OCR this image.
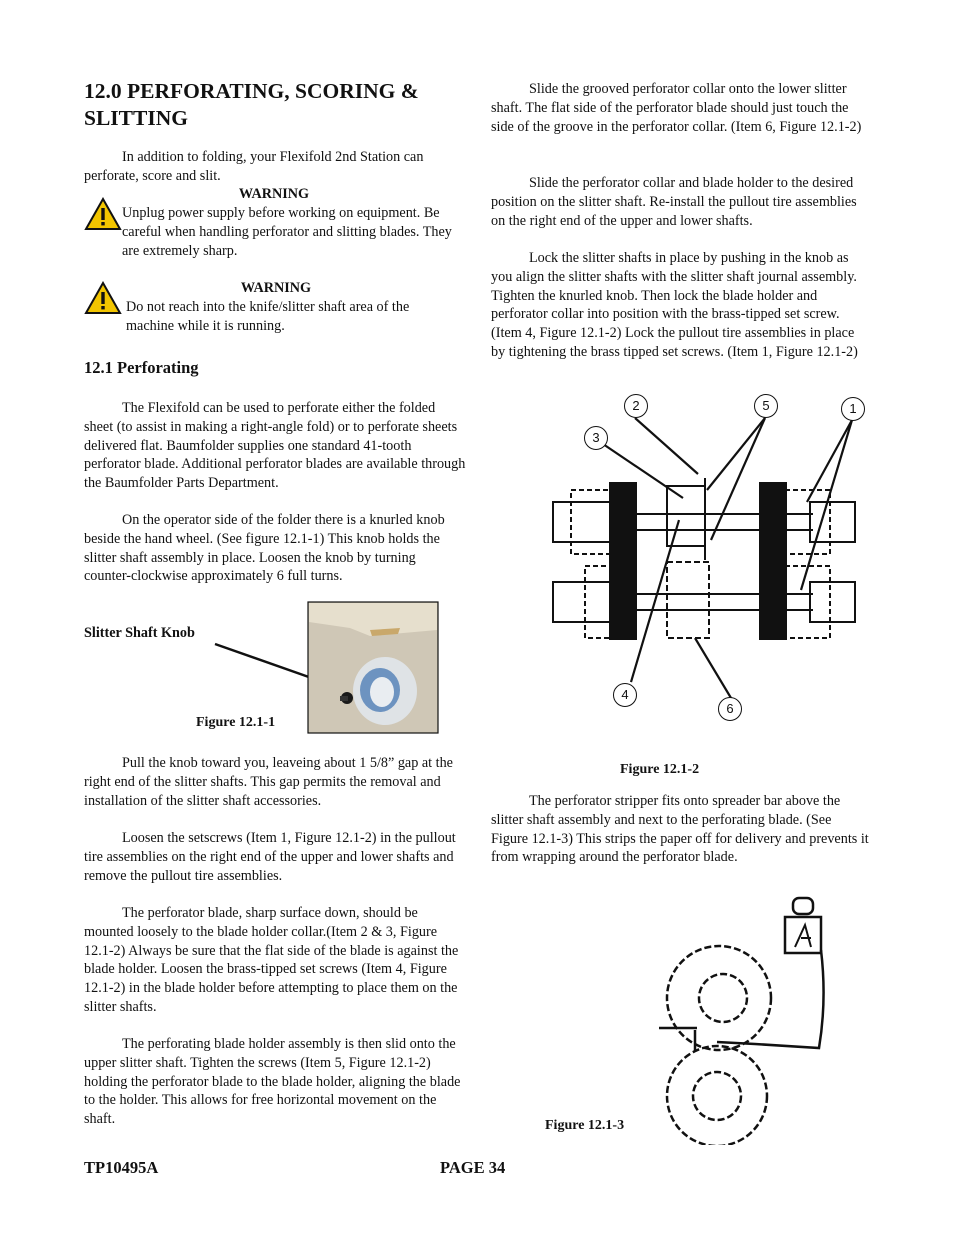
12.0 PERFORATING, SCORING & SLITTING

In addition to folding, your Flexifold 2nd Station can perforate, score and slit.

WARNING

Unplug power supply before working on equipment. Be careful when handling perforator and slitting blades. They are extremely sharp.

WARNING

Do not reach into the knife/slitter shaft area of the machine while it is running.

12.1 Perforating

The Flexifold can be used to perforate either the folded sheet (to assist in making a right-angle fold) or to perforate sheets delivered flat. Baumfolder supplies one standard 41-tooth perforator blade. Additional perforator blades are available through the Baumfolder Parts Department.

On the operator side of the folder there is a knurled knob beside the hand wheel. (See figure 12.1-1) This knob holds the slitter shaft assembly in place. Loosen the knob by turning counter-clockwise approximately 6 full turns.

Slitter Shaft Knob
Figure 12.1-1

Pull the knob toward you, leaveing about 1 5/8” gap at the right end of the slitter shafts. This gap permits the removal and installation of the slitter shaft accessories.

Loosen the setscrews (Item 1, Figure 12.1-2) in the pullout tire assemblies on the right end of the upper and lower shafts and remove the pullout tire assemblies.

The perforator blade, sharp surface down, should be mounted loosely to the blade holder collar.(Item 2 & 3, Figure 12.1-2) Always be sure that the flat side of the blade is against the blade holder. Loosen the brass-tipped set screws (Item 4, Figure 12.1-2) in the blade holder before attempting to place them on the slitter shafts.

The perforating blade holder assembly is then slid onto the upper slitter shaft. Tighten the screws (Item 5, Figure 12.1-2) holding the perforator blade to the blade holder, aligning the blade to the holder. This allows for free horizontal movement on the shaft.

Slide the grooved perforator collar onto the lower slitter shaft. The flat side of the perforator blade should just touch the side of the groove in the perforator collar. (Item 6, Figure 12.1-2)

Slide the perforator collar and blade holder to the desired position on the slitter shaft. Re-install the pullout tire assemblies on the right end of the upper and lower shafts.

Lock the slitter shafts in place by pushing in the knob as you align the slitter shafts with the slitter shaft journal assembly. Tighten the knurled knob. Then lock the blade holder and perforator collar into position with the brass-tipped set screw. (Item 4, Figure 12.1-2) Lock the pullout tire assemblies in place by tightening the brass tipped set screws. (Item 1, Figure 12.1-2)

2
3
5	1
4
6
Figure 12.1-2

The perforator stripper fits onto spreader bar above the slitter shaft assembly and next to the perforating blade. (See Figure 12.1-3) This strips the paper off for delivery and prevents it from wrapping around the perforator blade.

Figure 12.1-3
TP10495A	PAGE 34
